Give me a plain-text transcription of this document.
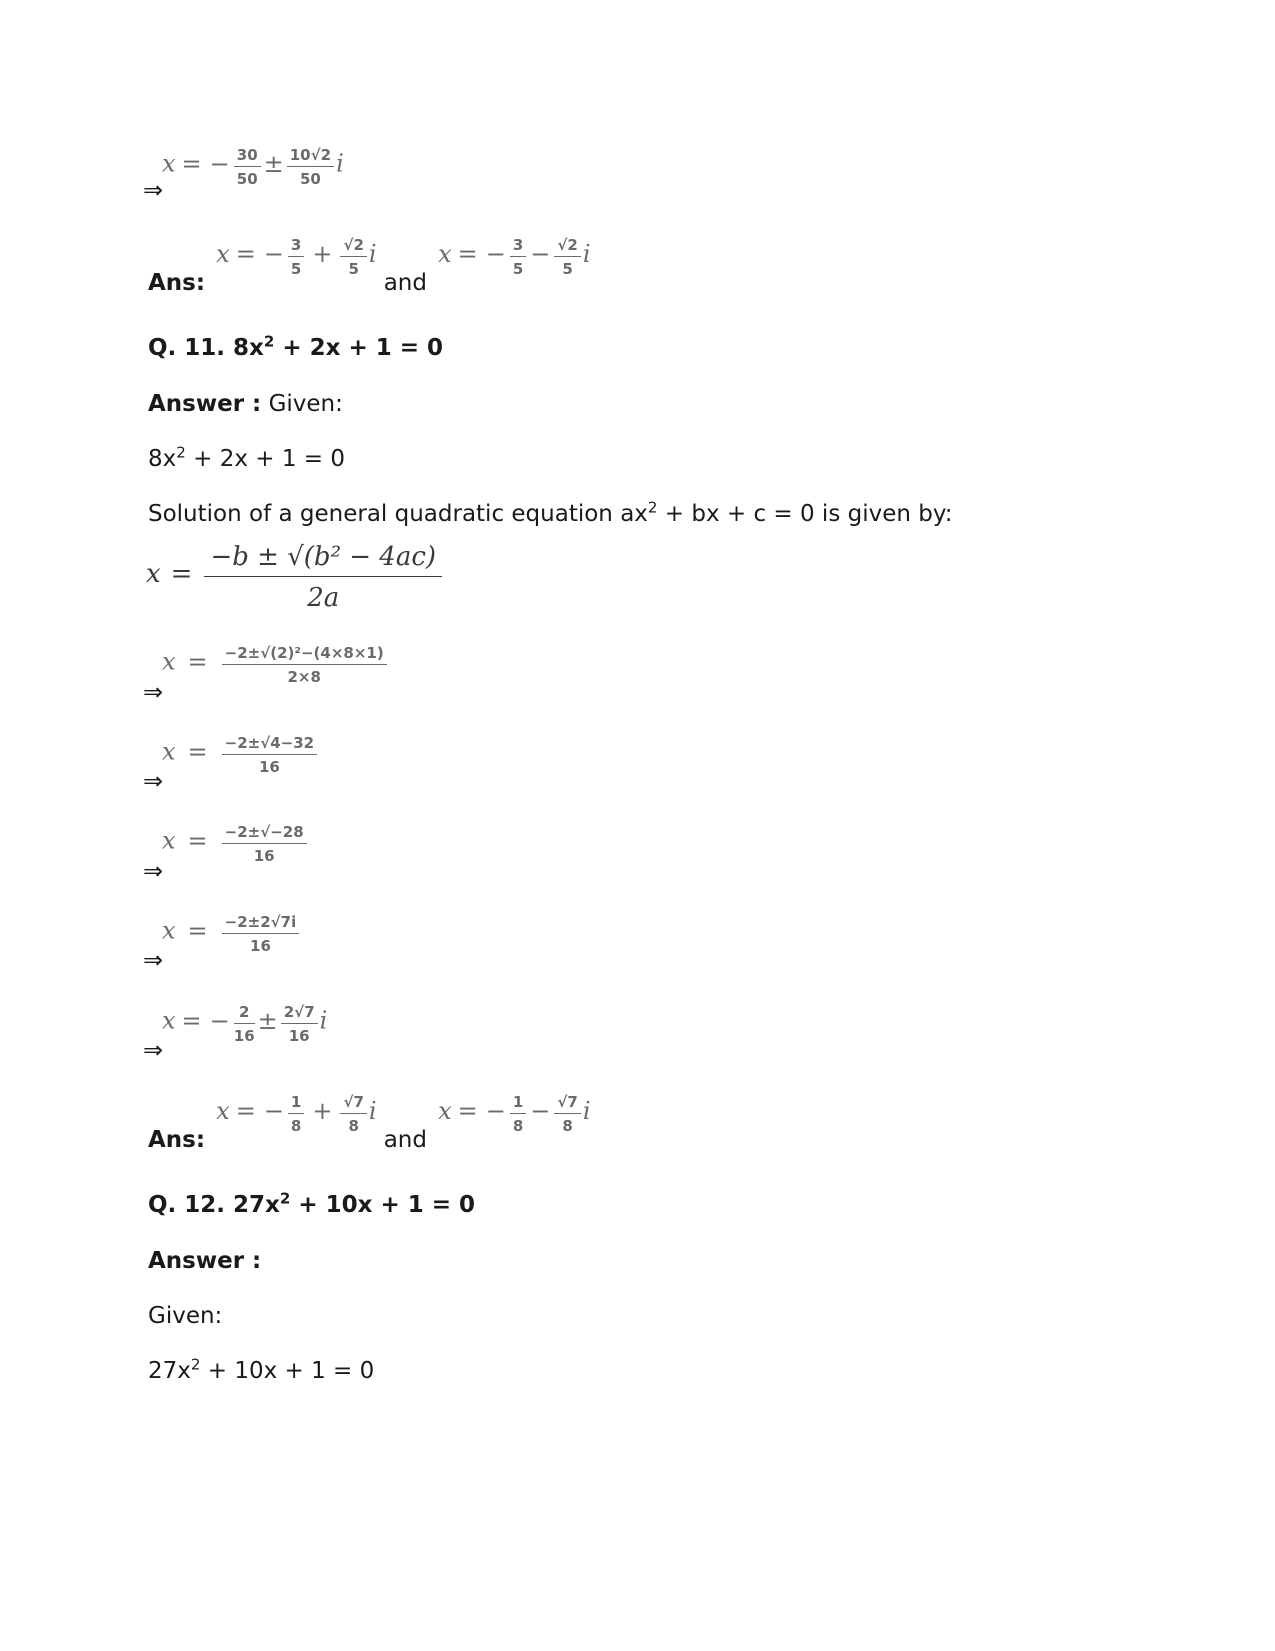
⇒
x = − $\frac{30}{50} \pm \frac{10√2}{50}$ i
Ans: x = − $\frac{3}{5} + \frac{√2}{5}$ i and x = − $\frac{3}{5} - \frac{√2}{5}$ i
Q. 11. $8x^2 + 2x + 1 = 0$
Answer : Given:
$8x^2 + 2x + 1 = 0$
Solution of a general quadratic equation $ax^2$ + bx + c = 0 is given by:
$x = \frac{\text{−b ± √(b² − 4ac)}}{2a}$
⇒
$x = \frac{\text{−2±√(2)²−(4×8×1)}}{2\times 8}$
⇒
$x = \frac{-2\pm√4-32}{16}$
⇒
$x = \frac{-2\pm√-28}{16}$
⇒
$x = \frac{-2\pm 2√7i}{16}$
⇒
x = − $\frac{2}{16} \pm \frac{2√7}{16}$ i
Ans: x = − $\frac{1}{8} + \frac{√7}{8}$ i and x = − $\frac{1}{8} - \frac{√7}{8}$ i
Q. 12. $27x^2 + 10x + 1 = 0$
Answer :
Given:
$27x^2 + 10x + 1 = 0$
